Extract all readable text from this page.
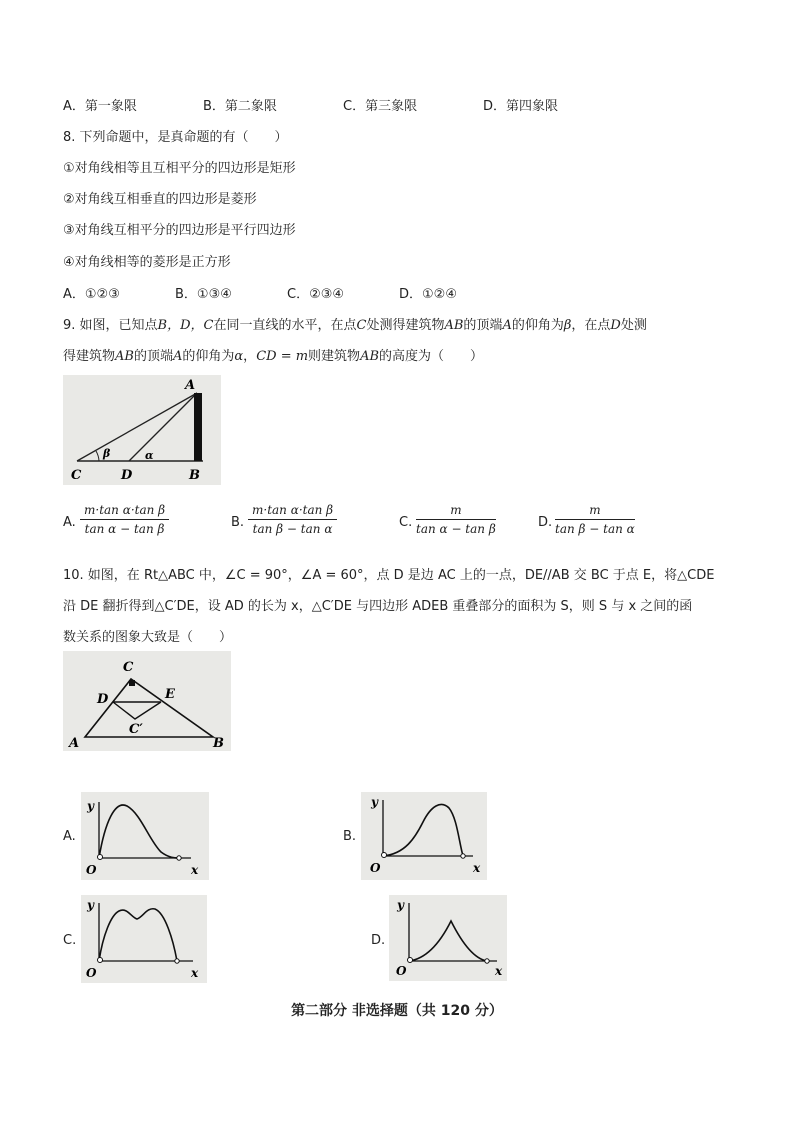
A．第一象限	B．第二象限	C．第三象限	D．第四象限
8. 下列命题中，是真命题的有（　　）
①对角线相等且互相平分的四边形是矩形
②对角线互相垂直的四边形是菱形
③对角线互相平分的四边形是平行四边形
④对角线相等的菱形是正方形
A．①②③	B．①③④	C．②③④	D．①②④
9. 如图，已知点B，D，C在同一直线的水平，在点C处测得建筑物AB的顶端A的仰角为β，在点D处测
得建筑物AB的顶端A的仰角为α，CD = m则建筑物AB的高度为（　　）
A
B
C	D
α
β
A. $\frac{\text{m·tan α·tan β}}{\text{tan α − tan β}}$	B. $\frac{\text{m·tan α·tan β}}{\text{tan β − tan α}}$	C. $\frac{m}{\text{tan α − tan β}}$	D. $\frac{m}{\text{tan β − tan α}}$
10. 如图，在 Rt△ABC 中，∠C = 90°，∠A = 60°，点 D 是边 AC 上的一点，DE//AB 交 BC 于点 E，将△CDE
沿 DE 翻折得到△C′DE，设 AD 的长为 x，△C′DE 与四边形 ADEB 重叠部分的面积为 S，则 S 与 x 之间的函
数关系的图象大致是（　　）
C
D	E
C′
A	B
A.
y
O	x
B.
y
O	x
C.
y
O	x
D.
y
O	x
第二部分 非选择题（共 120 分）
